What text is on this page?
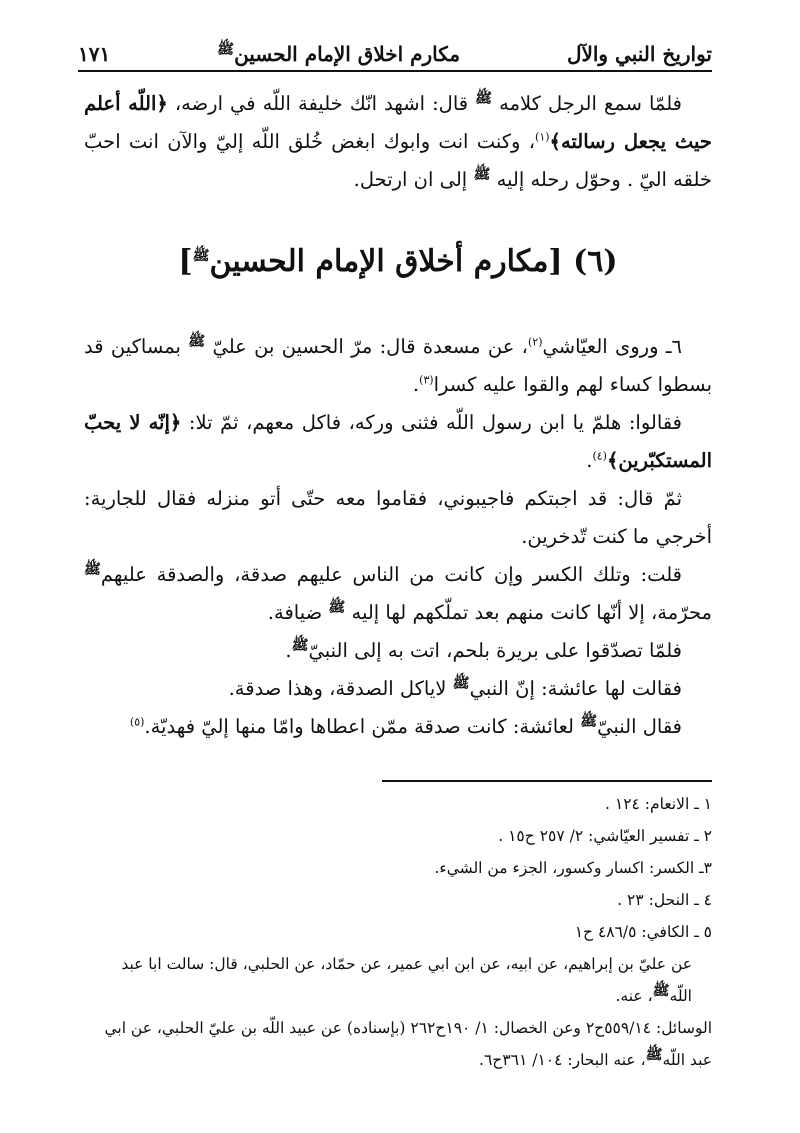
تواريخ النبي والآل
مكارم اخلاق الإمام الحسين$^ﷺ$
١٧١

فلمّا سمع الرجل كلامه $^ﷺ$ قال: اشهد انّك خليفة اللّه في ارضه، ﴿اللّه أعلم حيث يجعل رسالته﴾$^{(١)}$، وكنت انت وابوك ابغض خُلق اللّه إليّ والآن انت احبّ خلقه اليّ . وحوّل رحله إليه $^ﷺ$ إلى ان ارتحل.

(٦) [مكارم أخلاق الإمام الحسين$^ﷺ$]

٦ـ وروى العيّاشي$^{(٢)}$، عن مسعدة قال: مرّ الحسين بن عليّ $^ﷺ$ بمساكين قد بسطوا كساء لهم والقوا عليه كسرا$^{(٣)}$.

فقالوا: هلمّ يا ابن رسول اللّه فثنى وركه، فاكل معهم، ثمّ تلا: ﴿إنّه لا يحبّ المستكبّرين﴾$^{(٤)}$.

ثمّ قال: قد اجبتكم فاجيبوني، فقاموا معه حتّى أتو منزله فقال للجارية: أخرجي ما كنت تّدخرين.

قلت: وتلك الكسر وإن كانت من الناس عليهم صدقة، والصدقة عليهم$^ﷺ$ محرّمة، إلا أنّها كانت منهم بعد تملّكهم لها إليه $^ﷺ$ ضيافة.

فلمّا تصدّقوا على بريرة بلحم، اتت به إلى النبيّ$^ﷺ$.

فقالت لها عائشة: إنّ النبي$^ﷺ$ لاياكل الصدقة، وهذا صدقة.

فقال النبيّ$^ﷺ$ لعائشة: كانت صدقة ممّن اعطاها وامّا منها إليّ فهديّة.$^{(٥)}$

١ ـ الانعام: ١٢٤ .

٢ ـ تفسير العيّاشي: ٢/ ٢٥٧ ح١٥ .

٣ـ الكسر: اكسار وكسور، الجزء من الشيء.

٤ ـ النحل: ٢٣ .

٥ ـ الكافي: ٤٨٦/٥ ح١

عن عليّ بن إبراهيم، عن ابيه، عن ابن ابي عمير، عن حمّاد، عن الحلبي، قال: سالت ابا عبد اللّهﷺ، عنه.

الوسائل: ٥٥٩/١٤ح٢ وعن الخصال: ١/ ١٩٠ح٢٦٢ (بإسناده) عن عبيد اللّه بن عليّ الحلبي، عن ابي عبد اللّهﷺ، عنه البحار: ١٠٤/ ٣٦١ح٦.
